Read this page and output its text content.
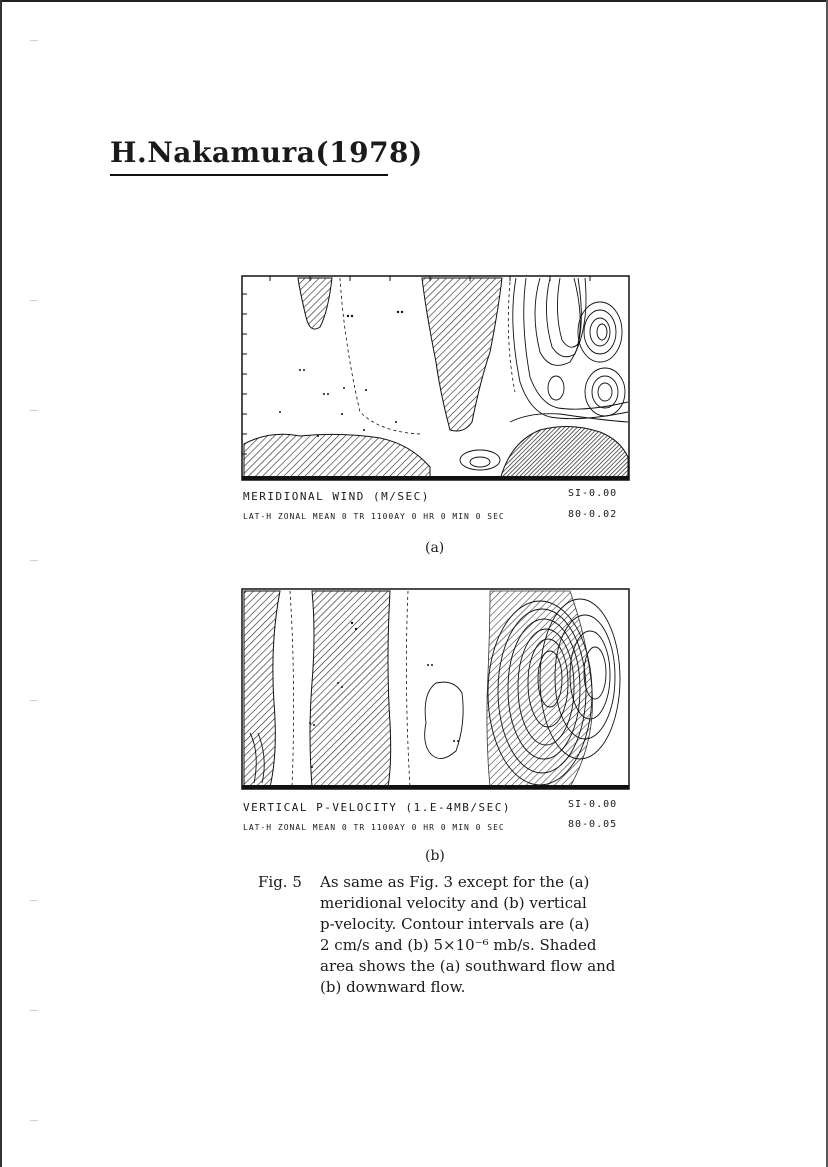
H.Nakamura(1978)
MERIDIONAL WIND (M/SEC)	SI-0.00
LAT-H ZONAL MEAN 0 TR 1100AY 0 HR 0 MIN 0 SEC	80-0.02
(a)
VERTICAL P-VELOCITY (1.E-4MB/SEC)	SI-0.00
LAT-H ZONAL MEAN 0 TR 1100AY 0 HR 0 MIN 0 SEC	80-0.05
(b)
Fig. 5	As same as Fig. 3 except for the (a)
meridional velocity and (b) vertical
p-velocity. Contour intervals are (a)
2 cm/s and (b) 5×10⁻⁶ mb/s. Shaded
area shows the (a) southward flow and
(b) downward flow.
